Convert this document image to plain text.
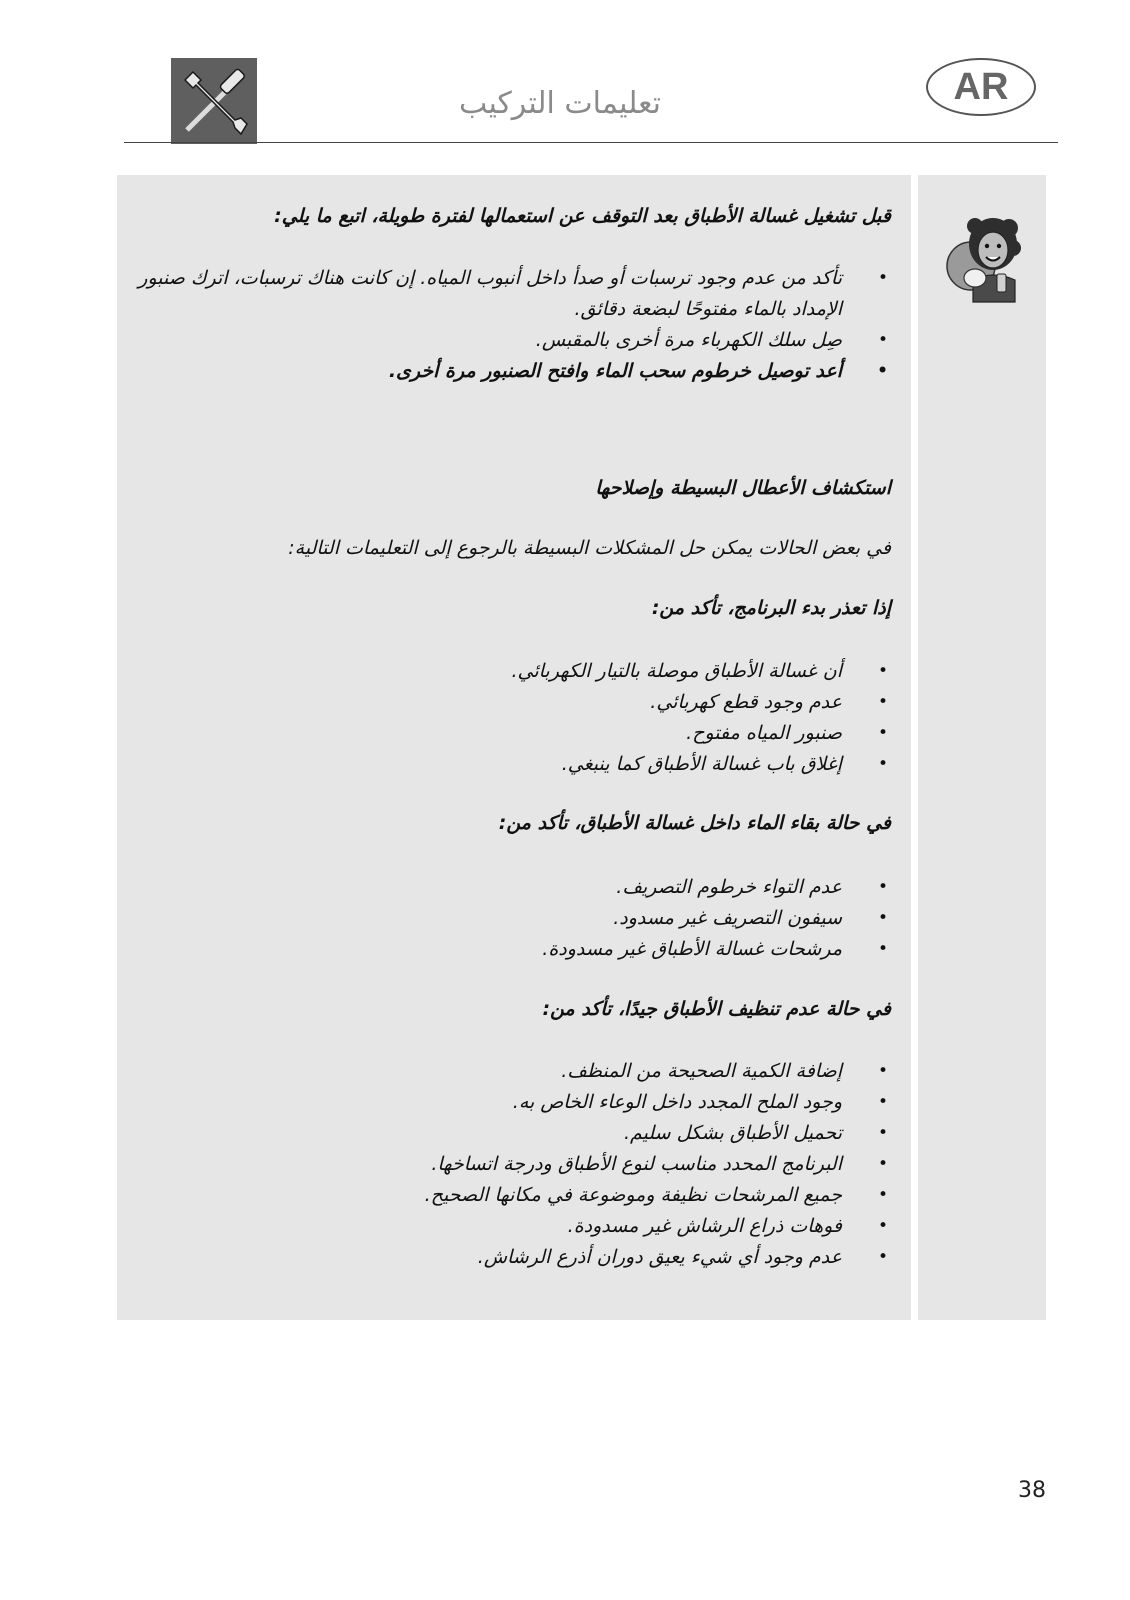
تعليمات التركيب	AR

قبل تشغيل غسالة الأطباق بعد التوقف عن استعمالها لفترة طويلة، اتبع ما يلي:

• تأكد من عدم وجود ترسبات أو صدأ داخل أنبوب المياه. إن كانت هناك ترسبات، اترك صنبور الإمداد بالماء مفتوحًا لبضعة دقائق.
• صِل سلك الكهرباء مرة أخرى بالمقبس.
• أعد توصيل خرطوم سحب الماء وافتح الصنبور مرة أخرى.

استكشاف الأعطال البسيطة وإصلاحها

في بعض الحالات يمكن حل المشكلات البسيطة بالرجوع إلى التعليمات التالية:

إذا تعذر بدء البرنامج، تأكد من:

• أن غسالة الأطباق موصلة بالتيار الكهربائي.
• عدم وجود قطع كهربائي.
• صنبور المياه مفتوح.
• إغلاق باب غسالة الأطباق كما ينبغي.

في حالة بقاء الماء داخل غسالة الأطباق، تأكد من:

• عدم التواء خرطوم التصريف.
• سيفون التصريف غير مسدود.
• مرشحات غسالة الأطباق غير مسدودة.

في حالة عدم تنظيف الأطباق جيدًا، تأكد من:

• إضافة الكمية الصحيحة من المنظف.
• وجود الملح المجدد داخل الوعاء الخاص به.
• تحميل الأطباق بشكل سليم.
• البرنامج المحدد مناسب لنوع الأطباق ودرجة اتساخها.
• جميع المرشحات نظيفة وموضوعة في مكانها الصحيح.
• فوهات ذراع الرشاش غير مسدودة.
• عدم وجود أي شيء يعيق دوران أذرع الرشاش.
38
